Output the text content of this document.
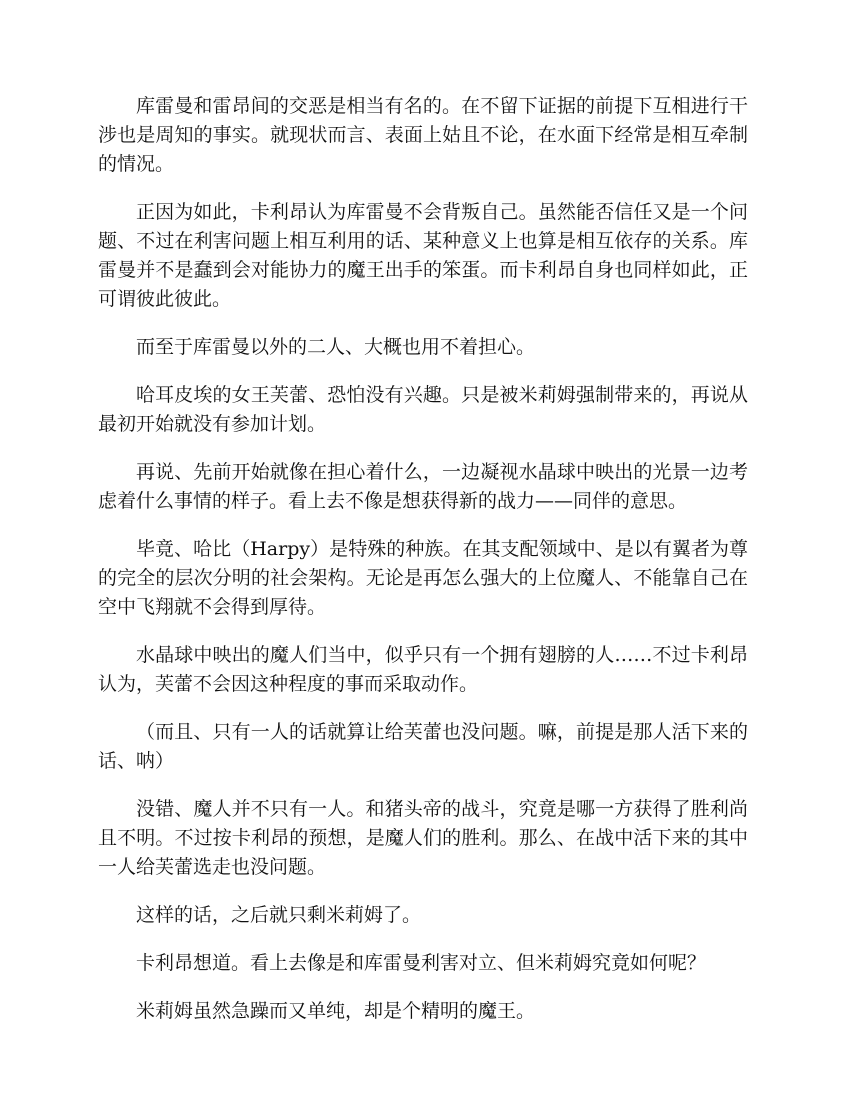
库雷曼和雷昂间的交恶是相当有名的。在不留下证据的前提下互相进行干涉也是周知的事实。就现状而言、表面上姑且不论，在水面下经常是相互牵制的情况。

正因为如此，卡利昂认为库雷曼不会背叛自己。虽然能否信任又是一个问题、不过在利害问题上相互利用的话、某种意义上也算是相互依存的关系。库雷曼并不是蠢到会对能协力的魔王出手的笨蛋。而卡利昂自身也同样如此，正可谓彼此彼此。

而至于库雷曼以外的二人、大概也用不着担心。

哈耳皮埃的女王芙蕾、恐怕没有兴趣。只是被米莉姆强制带来的，再说从最初开始就没有参加计划。

再说、先前开始就像在担心着什么，一边凝视水晶球中映出的光景一边考虑着什么事情的样子。看上去不像是想获得新的战力——同伴的意思。

毕竟、哈比（Harpy）是特殊的种族。在其支配领域中、是以有翼者为尊的完全的层次分明的社会架构。无论是再怎么强大的上位魔人、不能靠自己在空中飞翔就不会得到厚待。

水晶球中映出的魔人们当中，似乎只有一个拥有翅膀的人……不过卡利昂认为，芙蕾不会因这种程度的事而采取动作。

（而且、只有一人的话就算让给芙蕾也没问题。嘛，前提是那人活下来的话、呐）

没错、魔人并不只有一人。和猪头帝的战斗，究竟是哪一方获得了胜利尚且不明。不过按卡利昂的预想，是魔人们的胜利。那么、在战中活下来的其中一人给芙蕾选走也没问题。

这样的话，之后就只剩米莉姆了。

卡利昂想道。看上去像是和库雷曼利害对立、但米莉姆究竟如何呢？

米莉姆虽然急躁而又单纯，却是个精明的魔王。
